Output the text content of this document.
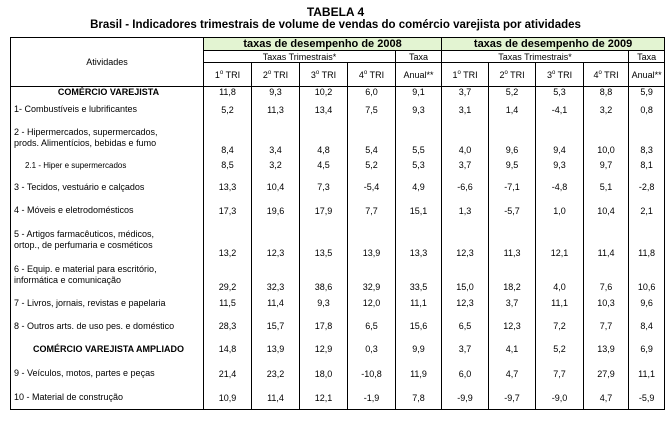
TABELA 4
Brasil - Indicadores trimestrais de volume de vendas do comércio varejista por atividades
Atividades	taxas de desempenho de 2008					taxas de desempenho de 2009				
	Taxas Trimestrais*				Taxa	Taxas Trimestrais*				Taxa
	1$^o$ TRI	2$^o$ TRI	3$^o$ TRI	4$^o$ TRI	Anual**	1$^o$ TRI	2$^o$ TRI	3$^o$ TRI	4$^o$ TRI	Anual**

COMÉRCIO VAREJISTA	11,8	9,3	10,2	6,0	9,1	3,7	5,2	5,3	8,8	5,9

1- Combustíveis e lubrificantes	5,2	11,3	13,4	7,5	9,3	3,1	1,4	-4,1	3,2	0,8

2 - Hipermercados, supermercados,
prods. Alimentícios, bebidas e fumo	8,4	3,4	4,8	5,4	5,5	4,0	9,6	9,4	10,0	8,3

2.1 - Hiper e supermercados	8,5	3,2	4,5	5,2	5,3	3,7	9,5	9,3	9,7	8,1

3 - Tecidos, vestuário e calçados	13,3	10,4	7,3	-5,4	4,9	-6,6	-7,1	-4,8	5,1	-2,8

4 - Móveis e eletrodomésticos	17,3	19,6	17,9	7,7	15,1	1,3	-5,7	1,0	10,4	2,1

5 - Artigos farmacêuticos, médicos,
ortop., de perfumaria e cosméticos	13,2	12,3	13,5	13,9	13,3	12,3	11,3	12,1	11,4	11,8

6 - Equip. e material para escritório,
informática e comunicação	29,2	32,3	38,6	32,9	33,5	15,0	18,2	4,0	7,6	10,6

7 - Livros, jornais, revistas e papelaria	11,5	11,4	9,3	12,0	11,1	12,3	3,7	11,1	10,3	9,6

8 - Outros arts. de uso pes. e doméstico	28,3	15,7	17,8	6,5	15,6	6,5	12,3	7,2	7,7	8,4

COMÉRCIO VAREJISTA AMPLIADO	14,8	13,9	12,9	0,3	9,9	3,7	4,1	5,2	13,9	6,9

9 - Veículos, motos, partes e peças	21,4	23,2	18,0	-10,8	11,9	6,0	4,7	7,7	27,9	11,1

10 - Material de construção	10,9	11,4	12,1	-1,9	7,8	-9,9	-9,7	-9,0	4,7	-5,9
